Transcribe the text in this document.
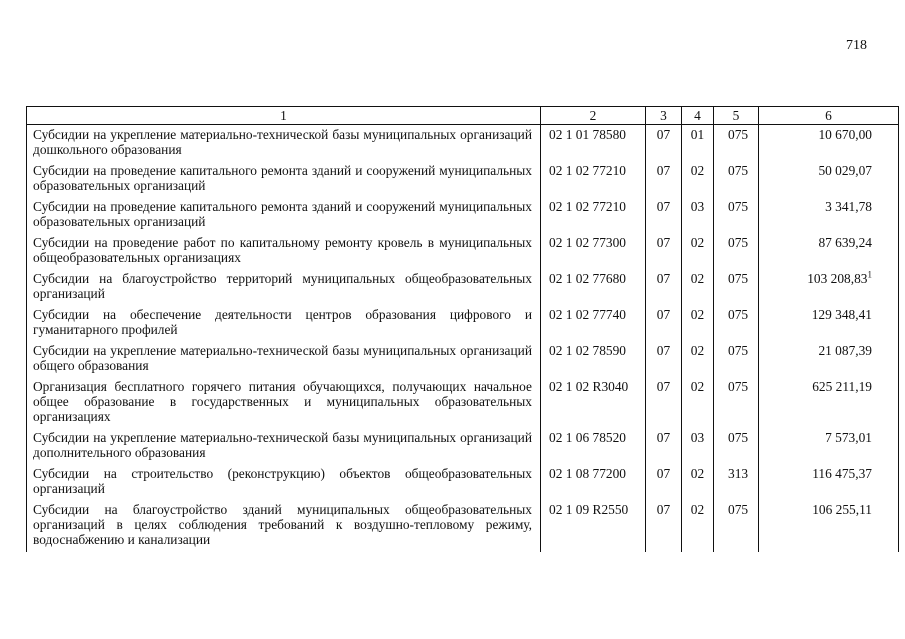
718
1	2	3	4	5	6
Субсидии на укрепление материально-технической базы муниципальных организаций дошкольного образования	02 1 01 78580	07	01	075	10 670,00
Субсидии на проведение капитального ремонта зданий и сооружений муниципальных образовательных организаций	02 1 02 77210	07	02	075	50 029,07
Субсидии на проведение капитального ремонта зданий и сооружений муниципальных образовательных организаций	02 1 02 77210	07	03	075	3 341,78
Субсидии на проведение работ по капитальному ремонту кровель в муниципальных общеобразовательных организациях	02 1 02 77300	07	02	075	87 639,24
Субсидии на благоустройство территорий муниципальных общеобразовательных организаций	02 1 02 77680	07	02	075	103 208,83$^1$
Субсидии на обеспечение деятельности центров образования цифрового и гуманитарного профилей	02 1 02 77740	07	02	075	129 348,41
Субсидии на укрепление материально-технической базы муниципальных организаций общего образования	02 1 02 78590	07	02	075	21 087,39
Организация бесплатного горячего питания обучающихся, получающих начальное общее образование в государственных и муниципальных образовательных организациях	02 1 02 R3040	07	02	075	625 211,19
Субсидии на укрепление материально-технической базы муниципальных организаций дополнительного образования	02 1 06 78520	07	03	075	7 573,01
Субсидии на строительство (реконструкцию) объектов общеобразовательных организаций	02 1 08 77200	07	02	313	116 475,37
Субсидии на благоустройство зданий муниципальных общеобразовательных организаций в целях соблюдения требований к воздушно-тепловому режиму, водоснабжению и канализации	02 1 09 R2550	07	02	075	106 255,11
